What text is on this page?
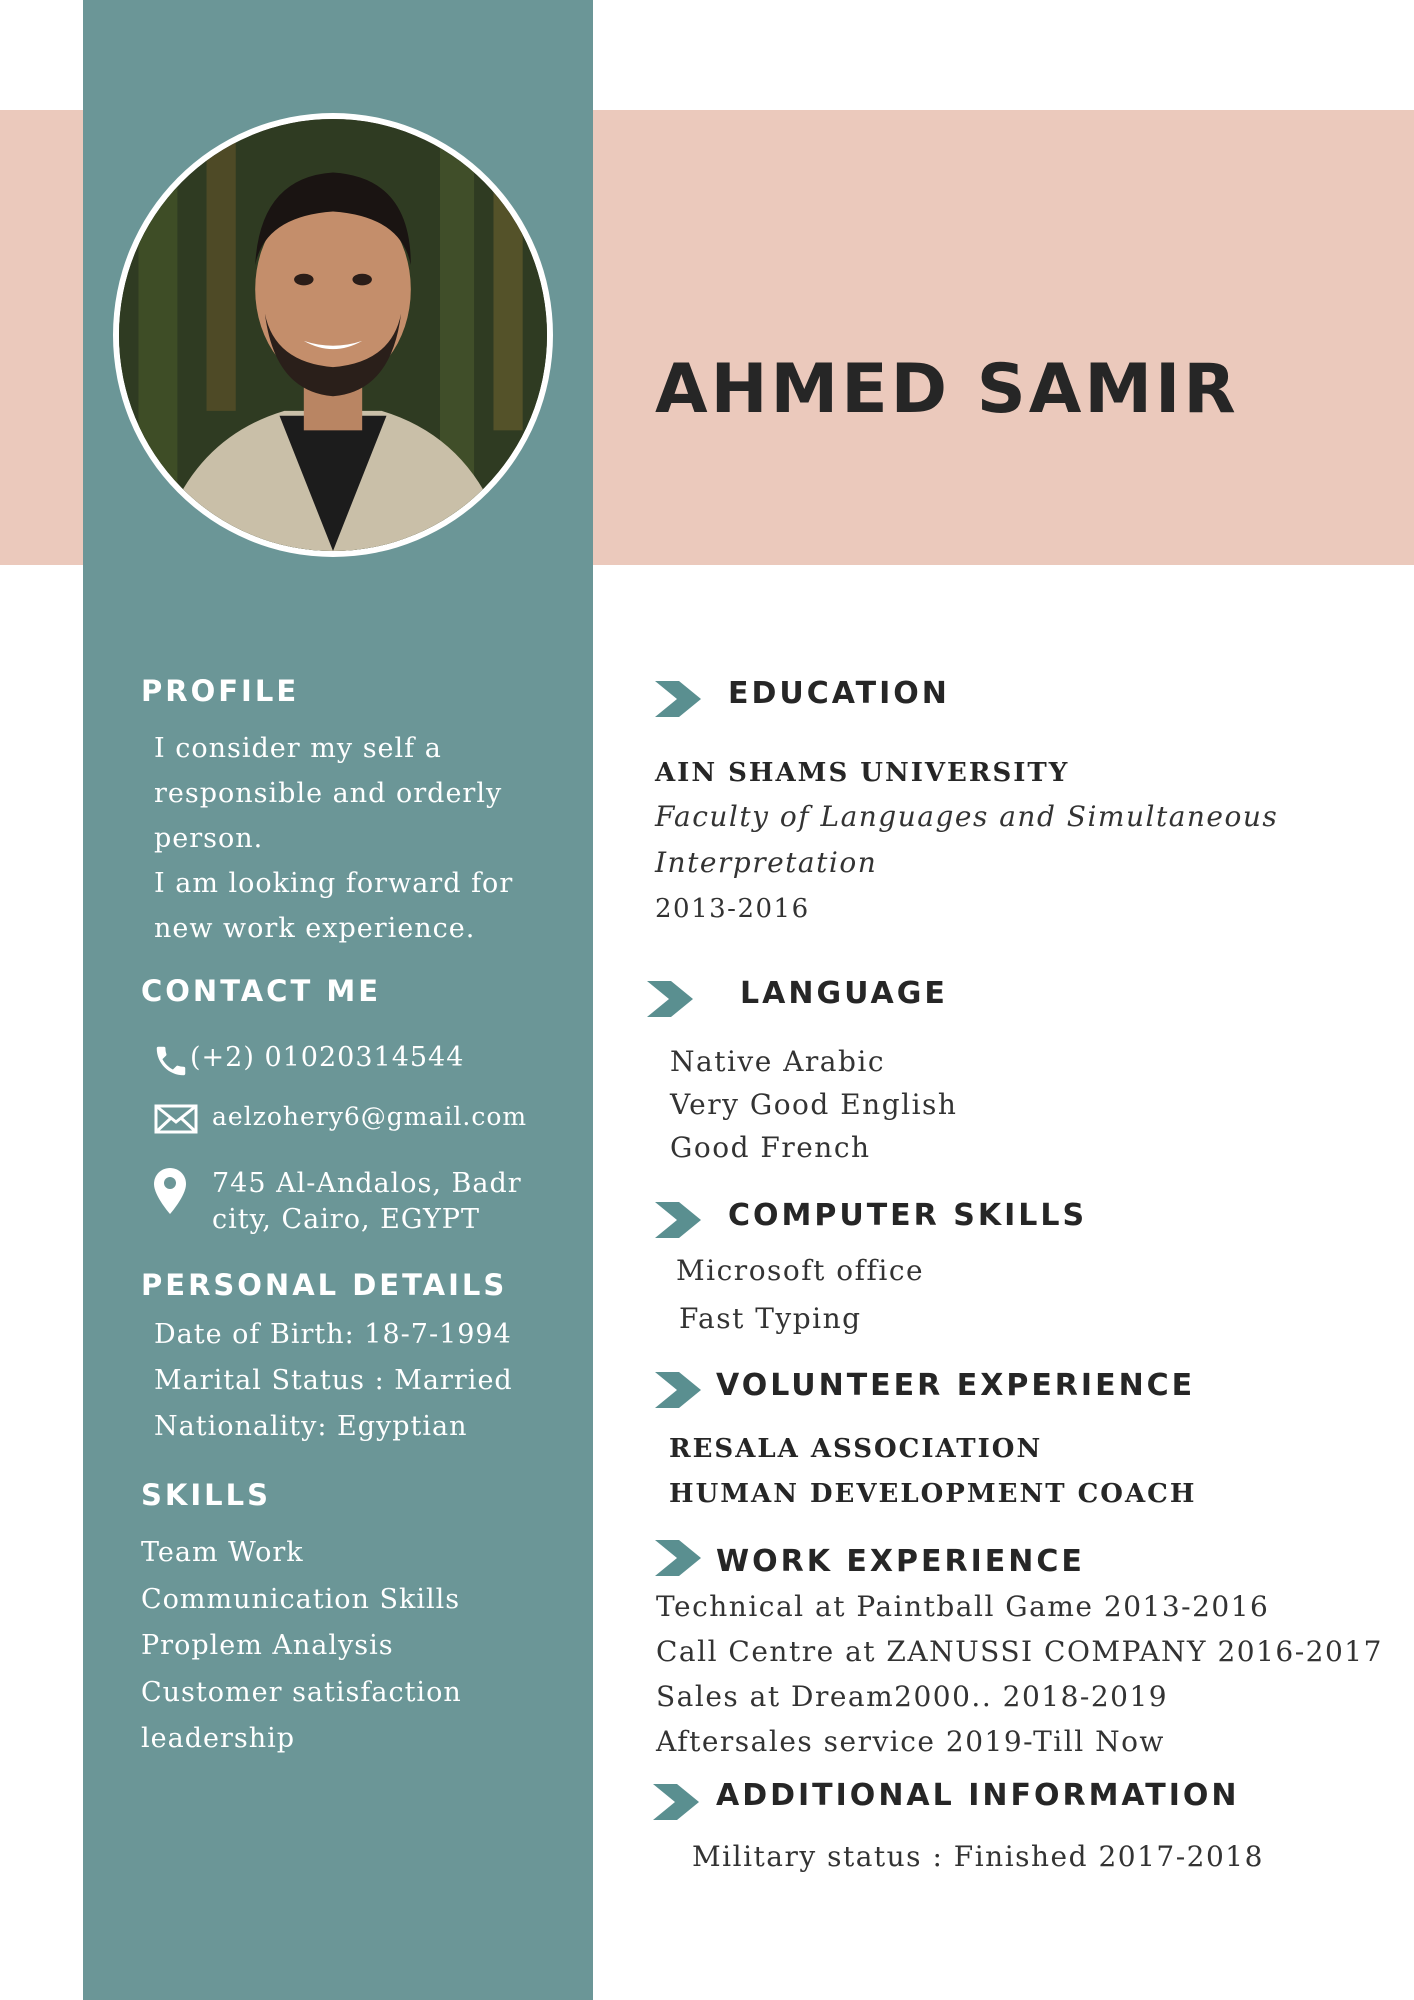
AHMED SAMIR
PROFILE
I consider my self a
responsible and orderly
person.
I am looking forward for
new work experience.
CONTACT ME
(+2) 01020314544
aelzohery6@gmail.com
745 Al-Andalos, Badr
city, Cairo, EGYPT
PERSONAL DETAILS
Date of Birth: 18-7-1994
Marital Status : Married
Nationality: Egyptian
SKILLS
Team Work
Communication Skills
Proplem Analysis
Customer satisfaction
leadership
EDUCATION
AIN SHAMS UNIVERSITY
Faculty of Languages and Simultaneous
Interpretation
2013-2016
LANGUAGE
Native Arabic
Very Good English
Good French
COMPUTER SKILLS
Microsoft office
Fast Typing
VOLUNTEER EXPERIENCE
RESALA ASSOCIATION
HUMAN DEVELOPMENT COACH
WORK EXPERIENCE
Technical at Paintball Game 2013-2016
Call Centre at ZANUSSI COMPANY 2016-2017
Sales at Dream2000.. 2018-2019
Aftersales service 2019-Till Now
ADDITIONAL INFORMATION
Military status : Finished 2017-2018
